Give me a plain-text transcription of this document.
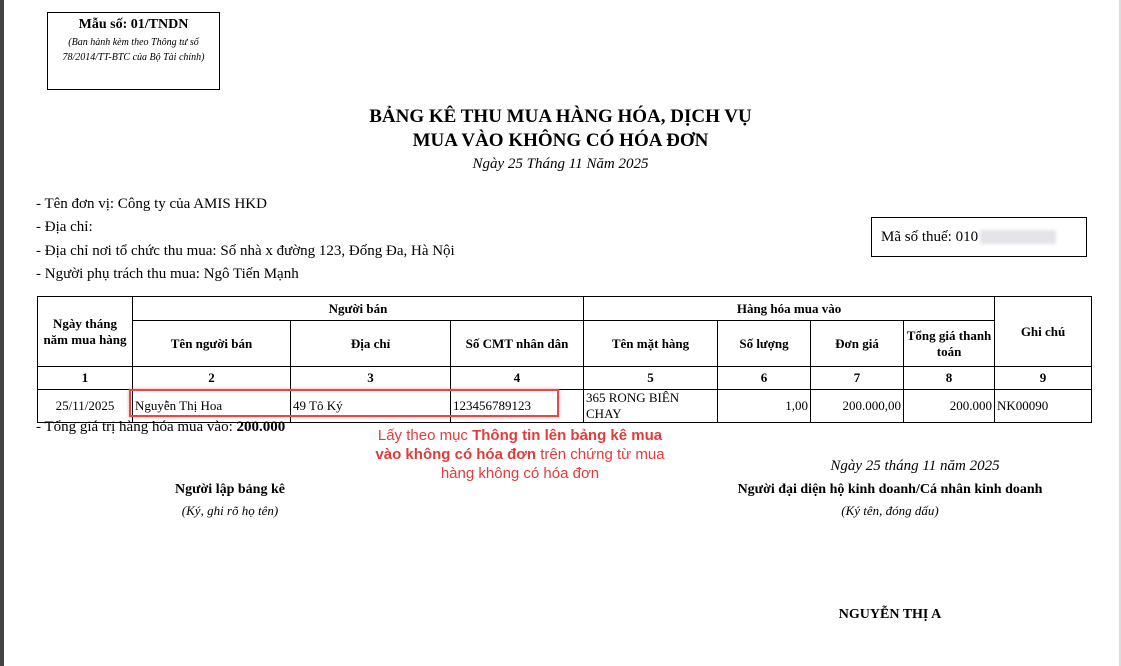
Mẫu số: 01/TNDN
(Ban hành kèm theo Thông tư số 78/2014/TT-BTC của Bộ Tài chính)
BẢNG KÊ THU MUA HÀNG HÓA, DỊCH VỤ
MUA VÀO KHÔNG CÓ HÓA ĐƠN
Ngày 25 Tháng 11 Năm 2025
- Tên đơn vị: Công ty của AMIS HKD
- Địa chỉ:
- Địa chỉ nơi tổ chức thu mua: Số nhà x đường 123, Đống Đa, Hà Nội
- Người phụ trách thu mua: Ngô Tiến Mạnh
Mã số thuế:
010
Ngày tháng năm mua hàng	Người bán			Hàng hóa mua vào				Ghi chú
	Tên người bán	Địa chỉ	Số CMT nhân dân	Tên mặt hàng	Số lượng	Đơn giá	Tổng giá thanh toán	
1	2	3	4	5	6	7	8	9
25/11/2025	Nguyễn Thị Hoa	49 Tô Ký	123456789123	365 RONG BIÊN CHAY	1,00	200.000,00	200.000	NK00090
- Tổng giá trị hàng hóa mua vào: 200.000	Lấy theo mục Thông tin lên bảng kê mua vào không có hóa đơn trên chứng từ mua hàng không có hóa đơn	Ngày 25 tháng 11 năm 2025
Người lập bảng kê
(Ký, ghi rõ họ tên)
Người đại diện hộ kinh doanh/Cá nhân kinh doanh
(Ký tên, đóng dấu)
NGUYỄN THỊ A
